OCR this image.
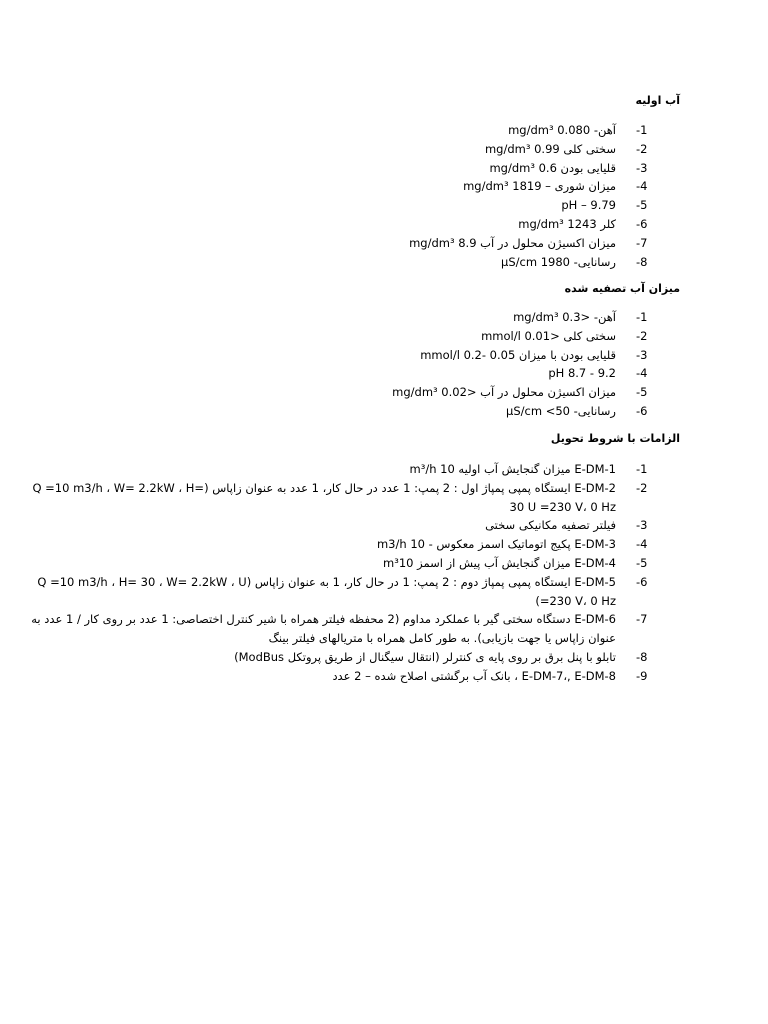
آب اولیه
-1
آهن- mg/dm³ 0.080
-2
سختی کلی mg/dm³ 0.99
-3
قلیایی بودن mg/dm³ 0.6
-4
میزان شوری – mg/dm³ 1819
-5
pH – 9.79
-6
کلر mg/dm³ 1243
-7
میزان اکسیژن محلول در آب mg/dm³ 8.9
-8
رسانایی- µS/cm 1980
میزان آب تصفیه شده
-1
آهن- <mg/dm³ 0.3
-2
سختی کلی <mmol/l 0.01
-3
قلیایی بودن با میزان mmol/l 0.2- 0.05
-4
pH 8.7 - 9.2
-5
میزان اکسیژن محلول در آب <mg/dm³ 0.02
-6
رسانایی- µS/cm <50
الزامات با شروط تحویل
-1
E-DM-1 میزان گنجایش آب اولیه m³/h 10
-2
E-DM-2 ایستگاه پمپی پمپاژ اول : 2 پمپ: 1 عدد در حال کار، 1 عدد به عنوان زاپاس (Q =10 m3/h ، W= 2.2kW ، H= 30 U =230 V، 0 Hz
-3
فیلتر تصفیه مکانیکی سختی
-4
E-DM-3 پکیج اتوماتیک اسمز معکوس - m3/h 10
-5
E-DM-4 میزان گنجایش آب پیش از اسمز m³10
-6
E-DM-5 ایستگاه پمپی پمپاژ دوم : 2 پمپ: 1 در حال کار، 1 به عنوان زاپاس (Q =10 m3/h ، H= 30 ، W= 2.2kW ، U =230 V، 0 Hz)
-7
E-DM-6 دستگاه سختی گیر با عملکرد مداوم (2 محفظه فیلتر همراه با شیر کنترل اختصاصی: 1 عدد بر روی کار / 1 عدد به عنوان زاپاس یا جهت بازیابی). به طور کامل همراه با متریالهای فیلتر بینگ
-8
تابلو با پنل برق بر روی پایه ی کنترلر (انتقال سیگنال از طریق پروتکل ModBus)
-9
E-DM-7،, E-DM-8 ، بانک آب برگشتی اصلاح شده – 2 عدد
